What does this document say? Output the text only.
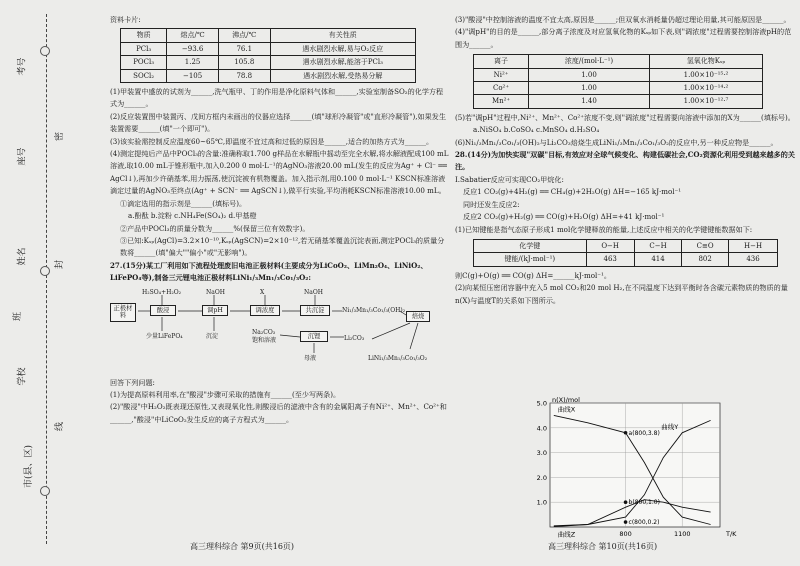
密
封
线
考号
座号
姓名
班
学校
市(县、区)

资料卡片:

物质	熔点/℃	沸点/℃	有关性质
PCl₃	−93.6	76.1	遇水剧烈水解,易与O₂反应
POCl₃	1.25	105.8	遇水剧烈水解,能溶于PCl₃
SOCl₂	−105	78.8	遇水剧烈水解,受热易分解

(1)甲装置中盛放的试剂为______,洗气瓶甲、丁的作用是净化原料气体和______,实验室制备SO₂的化学方程式为______。

(2)反应装置图中装置丙、戊间方框内未画出的仪器应选择______(填"球形冷凝管"或"直形冷凝管"),如果发生装置需要______(填"一个即可")。

(3)该实验需控制反应温度60~65℃,即温度不宜过高和过低的原因是______,适合的加热方式为______。

(4)测定提纯后产品中POCl₃的含量:准确称取1.700 g样品在水解瓶中摇动至完全水解,将水解液配成100 mL溶液,取10.00 mL于锥形瓶中,加入0.200 0 mol·L⁻¹的AgNO₃溶液20.00 mL(发生的反应为Ag⁺ + Cl⁻ ══ AgCl↓),再加少许硝基苯,用力振荡,使沉淀被有机物覆盖。加入指示剂,用0.100 0 mol·L⁻¹ KSCN标准溶液滴定过量的AgNO₃至终点(Ag⁺ + SCN⁻ ══ AgSCN↓),做平行实验,平均消耗KSCN标准溶液10.00 mL。

①滴定选用的指示剂是______(填标号)。

a.酚酞 b.淀粉 c.NH₄Fe(SO₄)₂ d.甲基橙

②产品中POCl₃的质量分数为______%(保留三位有效数字)。

③已知:Kₛₚ(AgCl)=3.2×10⁻¹⁰,Kₛₚ(AgSCN)=2×10⁻¹²,若无硝基苯覆盖沉淀表面,测定POCl₃的质量分数将______(填"偏大""偏小"或"无影响")。

27.(15分)某工厂利用如下流程处理废旧电池正极材料(主要成分为LiCoO₂、LiMn₂O₄、LiNiO₂、LiFePO₄等),制备三元锂电池正极材料LiNi₁/₃Mn₁/₃Co₁/₃O₂:

H₂SO₄+H₂O₂	NaOH	X	NaOH
正极材料
酸浸	调pH	调浓度	共沉淀	Ni₁/₃Mn₁/₃Co₁/₃(OH)₂
焙烧
少量LiFePO₄	沉淀
Na₂CO₃
饱和溶液
沉锂	Li₂CO₃
母液	LiNi₁/₃Mn₁/₃Co₁/₃O₂

回答下列问题:

(1)为提高原料利用率,在"酸浸"步骤可采取的措施有______(至少写两条)。

(2)"酸浸"中H₂O₂既表现还原性,又表现氧化性,则酸浸后的滤液中含有的金属阳离子有Ni²⁺、Mn²⁺、Co²⁺和______,"酸浸"中LiCoO₂发生反应的离子方程式为______。

(3)"酸浸"中控制溶液的温度不宜太高,原因是______;但双氧水消耗量仍超过理论用量,其可能原因是______。

(4)"调pH"的目的是______,部分离子浓度及对应氢氧化物的Kₛₚ如下表,则"调浓度"过程需要控制溶液pH的范围为______。

离子	浓度/(mol·L⁻¹)	氢氧化物Kₛₚ
Ni²⁺	1.00	1.00×10⁻¹⁵·²
Co²⁺	1.00	1.00×10⁻¹⁴·²
Mn²⁺	1.40	1.00×10⁻¹²·⁷

(5)若"调pH"过程中,Ni²⁺、Mn²⁺、Co²⁺浓度不变,则"调浓度"过程需要向溶液中添加的X为______(填标号)。

a.NiSO₄ b.CoSO₄ c.MnSO₄ d.H₂SO₄

(6)Ni₁/₃Mn₁/₃Co₁/₃(OH)₂与Li₂CO₃焙烧生成LiNi₁/₃Mn₁/₃Co₁/₃O₂的反应中,另一种反应物是______。

28.(14分)为加快实现"双碳"目标,有效应对全球气候变化、构建低碳社会,CO₂资源化利用受到越来越多的关注。

Ⅰ.Sabatier反应可实现CO₂甲烷化:

反应1 CO₂(g)+4H₂(g) ══ CH₄(g)+2H₂O(g) ΔH=−165 kJ·mol⁻¹

同时还发生反应2:

反应2 CO₂(g)+H₂(g) ══ CO(g)+H₂O(g) ΔH=+41 kJ·mol⁻¹

(1)已知键能是指气态原子形成1 mol化学键释放的能量,上述反应中相关的化学键键能数据如下:

化学键	O−H	C−H	C≡O	H−H
键能/(kJ·mol⁻¹)	463	414	802	436

则C(g)+O(g) ══ CO(g) ΔH=______kJ·mol⁻¹。

(2)向某恒压密闭容器中充入5 mol CO₂和20 mol H₂,在不同温度下达到平衡时各含碳元素物质的物质的量n(X)与温度T的关系如下图所示。

1.0
2.0
3.0
4.0
5.0
800	1100
n(X)/mol
T/K
曲线X
曲线Y
曲线Z
a(800,3.8)
b(800,1.0)
c(800,0.2)
高三理科综合 第9页(共16页)	高三理科综合 第10页(共16页)
